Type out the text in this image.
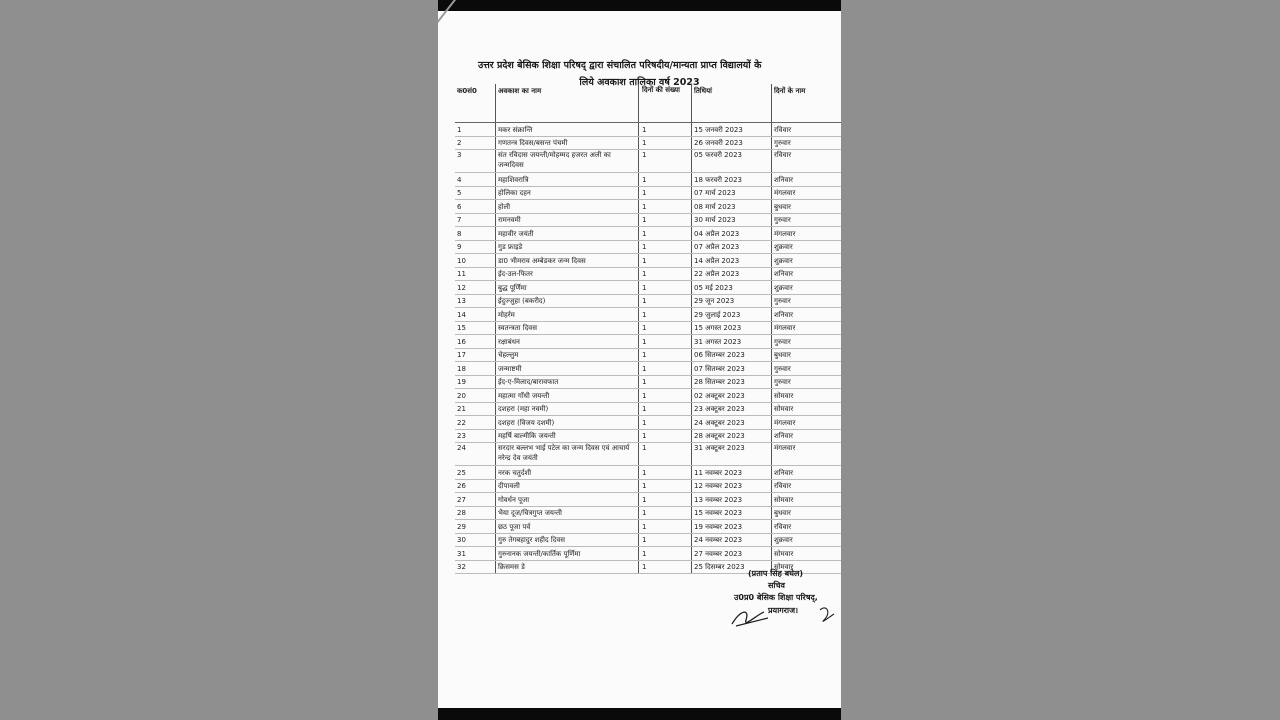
उत्तर प्रदेश बेसिक शिक्षा परिषद् द्वारा संचालित परिषदीय/मान्यता प्राप्त विद्यालयों के
लिये अवकाश तालिका वर्ष 2023
क0सं0	अवकाश का नाम	दिनों की संख्या	तिथियां	दिनों के नाम
1	मकर संक्रान्ति	1	15 जनवरी 2023	रविवार
2	गणतन्त्र दिवस/बसन्त पंचमी	1	26 जनवरी 2023	गुरुवार
3	संत रविदास जयन्ती/मोहम्मद हजरत अली का जन्मदिवस	1	05 फरवरी 2023	रविवार
4	महाशिवरात्रि	1	18 फरवरी 2023	शनिवार
5	होलिका दहन	1	07 मार्च 2023	मंगलवार
6	होली	1	08 मार्च 2023	बुधवार
7	रामनवमी	1	30 मार्च 2023	गुरुवार
8	महावीर जयंती	1	04 अप्रैल 2023	मंगलवार
9	गुड फ्राइडे	1	07 अप्रैल 2023	शुक्रवार
10	डा0 भीमराव अम्बेडकर जन्म दिवस	1	14 अप्रैल 2023	शुक्रवार
11	ईद-उल-फितर	1	22 अप्रैल 2023	शनिवार
12	बुद्ध पूर्णिमा	1	05 मई 2023	शुक्रवार
13	ईदुज्जुहा (बकरीद)	1	29 जून 2023	गुरुवार
14	मोहर्रम	1	29 जुलाई 2023	शनिवार
15	स्वतन्त्रता दिवस	1	15 अगस्त 2023	मंगलवार
16	रक्षाबंधन	1	31 अगस्त 2023	गुरुवार
17	चेहल्लुम	1	06 सितम्बर 2023	बुधवार
18	जन्माष्टमी	1	07 सितम्बर 2023	गुरुवार
19	ईद-ए-मिलाद/बारावफात	1	28 सितम्बर 2023	गुरुवार
20	महात्मा गाँधी जयन्ती	1	02 अक्टूबर 2023	सोमवार
21	दशहरा (महा नवमी)	1	23 अक्टूबर 2023	सोमवार
22	दशहरा (विजय दशमी)	1	24 अक्टूबर 2023	मंगलवार
23	महर्षि बाल्मीकि जयन्ती	1	28 अक्टूबर 2023	शनिवार
24	सरदार बल्लभ भाई पटेल का जन्म दिवस एवं आचार्य नरेन्द्र देव जयंती	1	31 अक्टूबर 2023	मंगलवार
25	नरक चतुर्दशी	1	11 नवम्बर 2023	शनिवार
26	दीपावली	1	12 नवम्बर 2023	रविवार
27	गोवर्धन पूजा	1	13 नवम्बर 2023	सोमवार
28	भैया दूज/चित्रगुप्त जयन्ती	1	15 नवम्बर 2023	बुधवार
29	छठ पूजा पर्व	1	19 नवम्बर 2023	रविवार
30	गुरु तेगबहादुर शहीद दिवस	1	24 नवम्बर 2023	शुक्रवार
31	गुरुनानक जयन्ती/कार्तिक पूर्णिमा	1	27 नवम्बर 2023	सोमवार
32	क्रिसमस डे	1	25 दिसम्बर 2023	सोमवार
(प्रताप सिंह बघेल)
सचिव
उ0प्र0 बेसिक शिक्षा परिषद्,
प्रयागराज।
